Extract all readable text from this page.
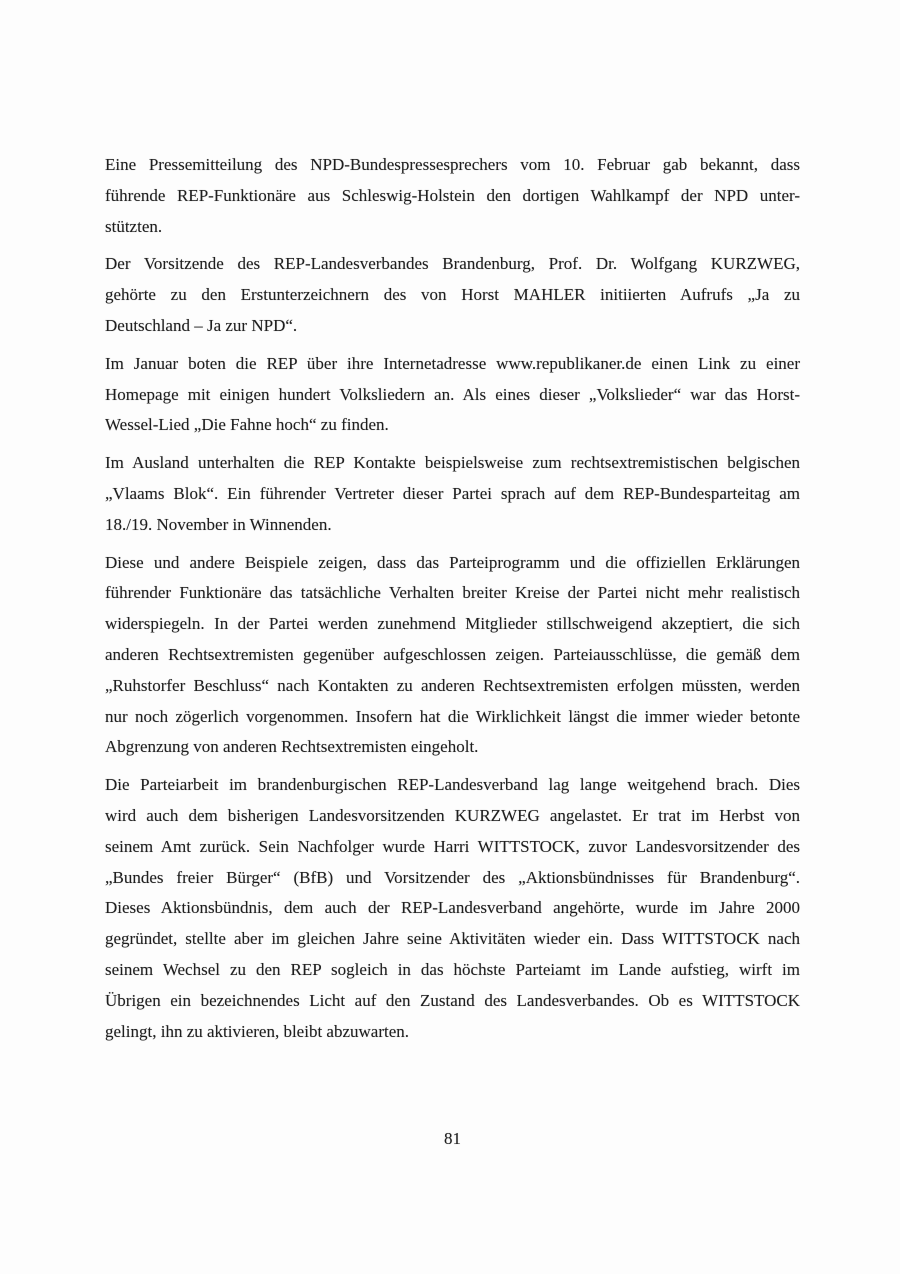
Eine Pressemitteilung des NPD-Bundespressesprechers vom 10. Februar gab bekannt, dass
führende REP-Funktionäre aus Schleswig-Holstein den dortigen Wahlkampf der NPD unter-
stützten.

Der Vorsitzende des REP-Landesverbandes Brandenburg, Prof. Dr. Wolfgang KURZWEG,
gehörte zu den Erstunterzeichnern des von Horst MAHLER initiierten Aufrufs „Ja zu
Deutschland – Ja zur NPD“.

Im Januar boten die REP über ihre Internetadresse www.republikaner.de einen Link zu einer
Homepage mit einigen hundert Volksliedern an. Als eines dieser „Volkslieder“ war das Horst-
Wessel-Lied „Die Fahne hoch“ zu finden.

Im Ausland unterhalten die REP Kontakte beispielsweise zum rechtsextremistischen belgischen
„Vlaams Blok“. Ein führender Vertreter dieser Partei sprach auf dem REP-Bundesparteitag am
18./19. November in Winnenden.

Diese und andere Beispiele zeigen, dass das Parteiprogramm und die offiziellen Erklärungen
führender Funktionäre das tatsächliche Verhalten breiter Kreise der Partei nicht mehr realistisch
widerspiegeln. In der Partei werden zunehmend Mitglieder stillschweigend akzeptiert, die sich
anderen Rechtsextremisten gegenüber aufgeschlossen zeigen. Parteiausschlüsse, die gemäß dem
„Ruhstorfer Beschluss“ nach Kontakten zu anderen Rechtsextremisten erfolgen müssten, werden
nur noch zögerlich vorgenommen. Insofern hat die Wirklichkeit längst die immer wieder betonte
Abgrenzung von anderen Rechtsextremisten eingeholt.

Die Parteiarbeit im brandenburgischen REP-Landesverband lag lange weitgehend brach. Dies
wird auch dem bisherigen Landesvorsitzenden KURZWEG angelastet. Er trat im Herbst von
seinem Amt zurück. Sein Nachfolger wurde Harri WITTSTOCK, zuvor Landesvorsitzender des
„Bundes freier Bürger“ (BfB) und Vorsitzender des „Aktionsbündnisses für Brandenburg“.
Dieses Aktionsbündnis, dem auch der REP-Landesverband angehörte, wurde im Jahre 2000
gegründet, stellte aber im gleichen Jahre seine Aktivitäten wieder ein. Dass WITTSTOCK nach
seinem Wechsel zu den REP sogleich in das höchste Parteiamt im Lande aufstieg, wirft im
Übrigen ein bezeichnendes Licht auf den Zustand des Landesverbandes. Ob es WITTSTOCK
gelingt, ihn zu aktivieren, bleibt abzuwarten.

81
